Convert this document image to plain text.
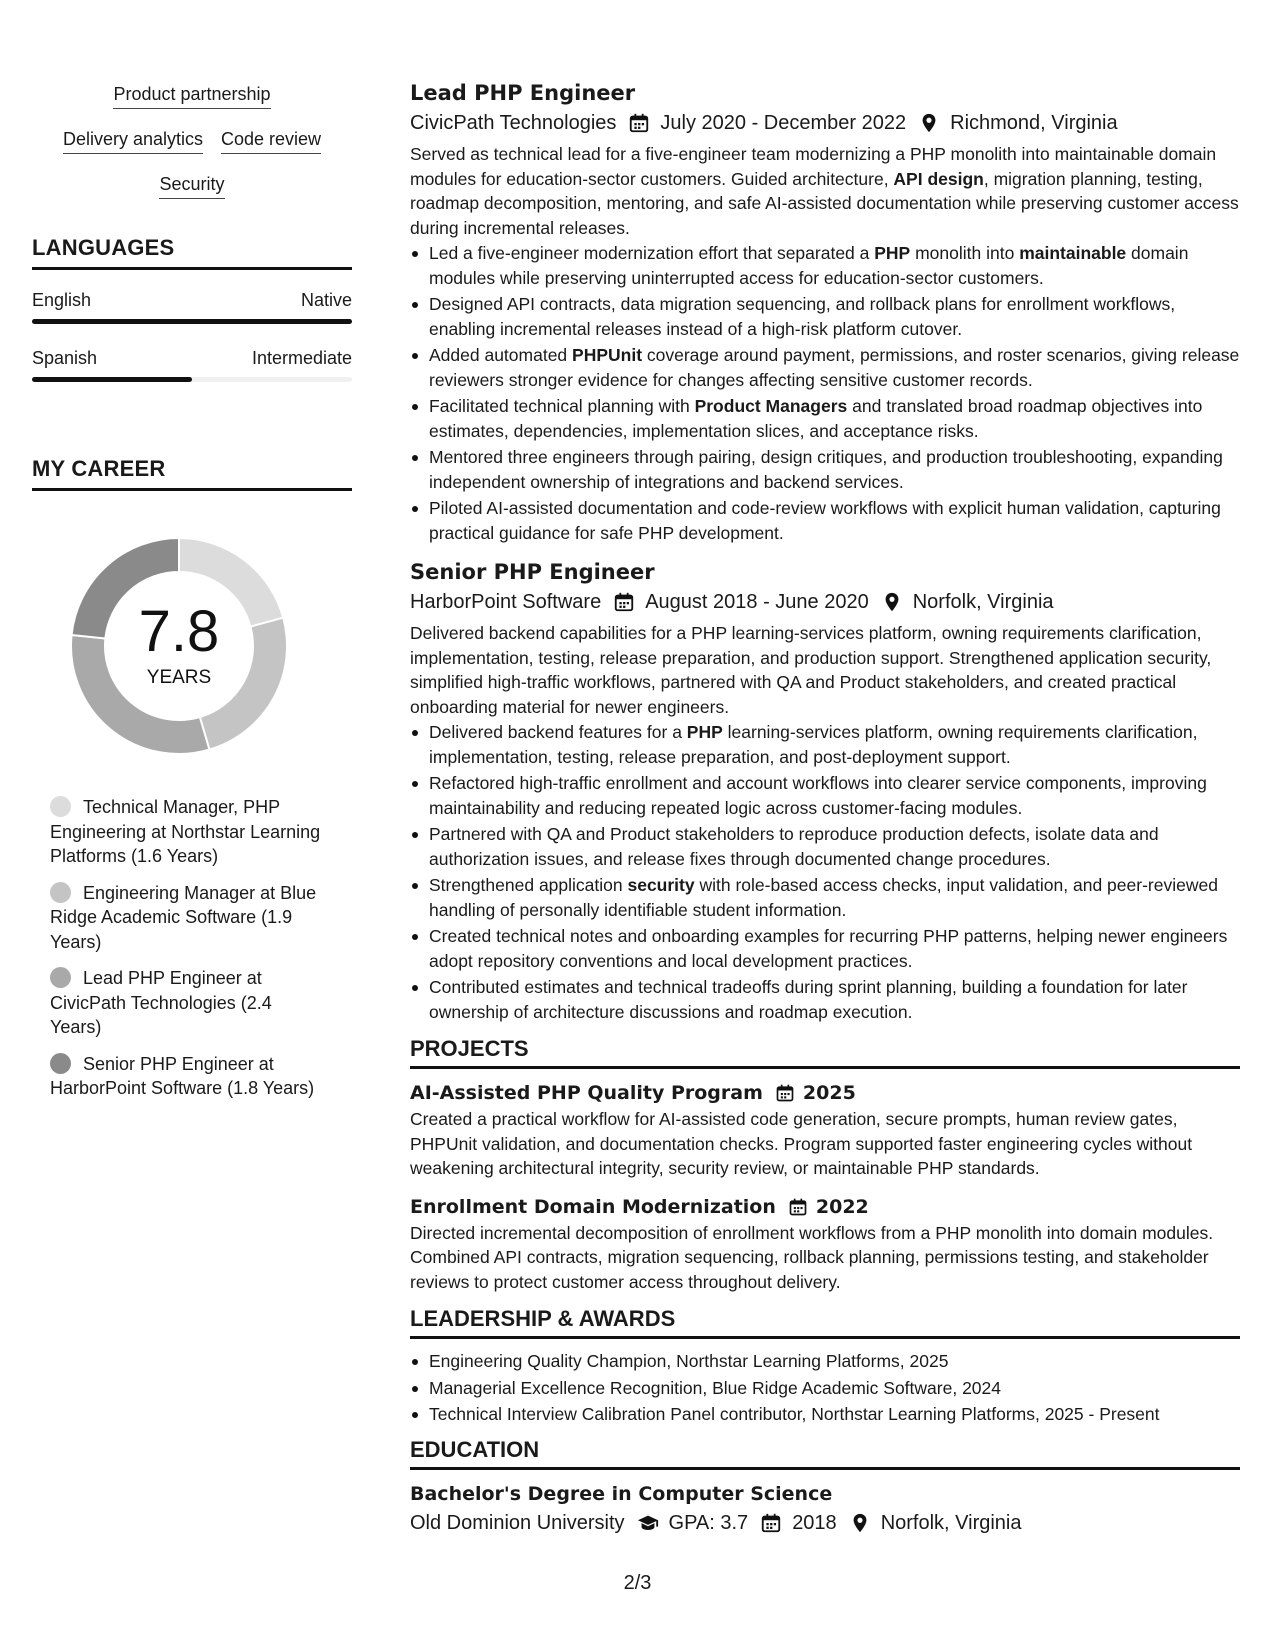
Product partnership
Delivery analytics Code review
Security
LANGUAGES
English	Native
Spanish	Intermediate
MY CAREER
7.8
YEARS
Technical Manager, PHP Engineering at Northstar Learning Platforms (1.6 Years)
Engineering Manager at Blue Ridge Academic Software (1.9 Years)
Lead PHP Engineer at CivicPath Technologies (2.4 Years)
Senior PHP Engineer at HarborPoint Software (1.8 Years)
Lead PHP Engineer
CivicPath Technologies July 2020 - December 2022 Richmond, Virginia
Served as technical lead for a five-engineer team modernizing a PHP monolith into maintainable domain modules for education-sector customers. Guided architecture, API design, migration planning, testing, roadmap decomposition, mentoring, and safe AI-assisted documentation while preserving customer access during incremental releases.
Led a five-engineer modernization effort that separated a PHP monolith into maintainable domain modules while preserving uninterrupted access for education-sector customers.
Designed API contracts, data migration sequencing, and rollback plans for enrollment workflows, enabling incremental releases instead of a high-risk platform cutover.
Added automated PHPUnit coverage around payment, permissions, and roster scenarios, giving release reviewers stronger evidence for changes affecting sensitive customer records.
Facilitated technical planning with Product Managers and translated broad roadmap objectives into estimates, dependencies, implementation slices, and acceptance risks.
Mentored three engineers through pairing, design critiques, and production troubleshooting, expanding independent ownership of integrations and backend services.
Piloted AI-assisted documentation and code-review workflows with explicit human validation, capturing practical guidance for safe PHP development.
Senior PHP Engineer
HarborPoint Software August 2018 - June 2020 Norfolk, Virginia
Delivered backend capabilities for a PHP learning-services platform, owning requirements clarification, implementation, testing, release preparation, and production support. Strengthened application security, simplified high-traffic workflows, partnered with QA and Product stakeholders, and created practical onboarding material for newer engineers.
Delivered backend features for a PHP learning-services platform, owning requirements clarification, implementation, testing, release preparation, and post-deployment support.
Refactored high-traffic enrollment and account workflows into clearer service components, improving maintainability and reducing repeated logic across customer-facing modules.
Partnered with QA and Product stakeholders to reproduce production defects, isolate data and authorization issues, and release fixes through documented change procedures.
Strengthened application security with role-based access checks, input validation, and peer-reviewed handling of personally identifiable student information.
Created technical notes and onboarding examples for recurring PHP patterns, helping newer engineers adopt repository conventions and local development practices.
Contributed estimates and technical tradeoffs during sprint planning, building a foundation for later ownership of architecture discussions and roadmap execution.
PROJECTS
AI-Assisted PHP Quality Program 2025
Created a practical workflow for AI-assisted code generation, secure prompts, human review gates, PHPUnit validation, and documentation checks. Program supported faster engineering cycles without weakening architectural integrity, security review, or maintainable PHP standards.
Enrollment Domain Modernization 2022
Directed incremental decomposition of enrollment workflows from a PHP monolith into domain modules. Combined API contracts, migration sequencing, rollback planning, permissions testing, and stakeholder reviews to protect customer access throughout delivery.
LEADERSHIP & AWARDS
Engineering Quality Champion, Northstar Learning Platforms, 2025
Managerial Excellence Recognition, Blue Ridge Academic Software, 2024
Technical Interview Calibration Panel contributor, Northstar Learning Platforms, 2025 - Present
EDUCATION
Bachelor's Degree in Computer Science
Old Dominion University GPA: 3.7 2018 Norfolk, Virginia
2/3
